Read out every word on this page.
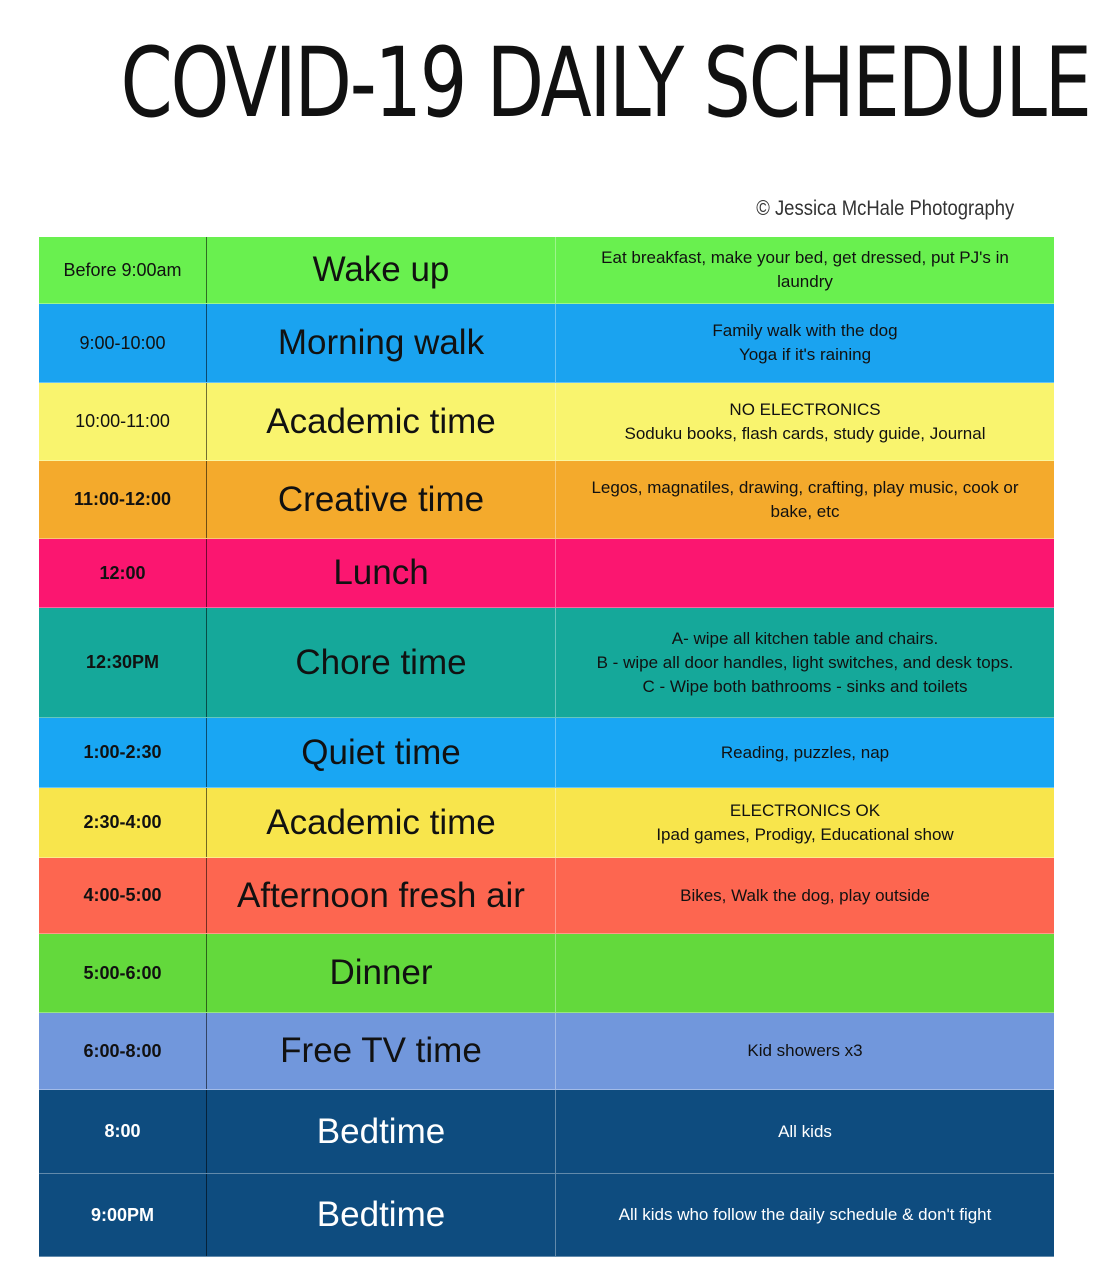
COVID-19 DAILY SCHEDULE
© Jessica McHale Photography
Before 9:00am	Wake up	Eat breakfast, make your bed, get dressed, put PJ's in
laundry
9:00-10:00	Morning walk	Family walk with the dog
Yoga if it's raining
10:00-11:00	Academic time	NO ELECTRONICS
Soduku books, flash cards, study guide, Journal
11:00-12:00	Creative time	Legos, magnatiles, drawing, crafting, play music, cook or
bake, etc
12:00	Lunch
12:30PM	Chore time
A- wipe all kitchen table and chairs.
B - wipe all door handles, light switches, and desk tops.
C - Wipe both bathrooms - sinks and toilets
1:00-2:30	Quiet time	Reading, puzzles, nap
2:30-4:00	Academic time	ELECTRONICS OK
Ipad games, Prodigy, Educational show
4:00-5:00	Afternoon fresh air	Bikes, Walk the dog, play outside
5:00-6:00	Dinner
6:00-8:00	Free TV time	Kid showers x3
8:00	Bedtime	All kids
9:00PM	Bedtime	All kids who follow the daily schedule & don't fight
